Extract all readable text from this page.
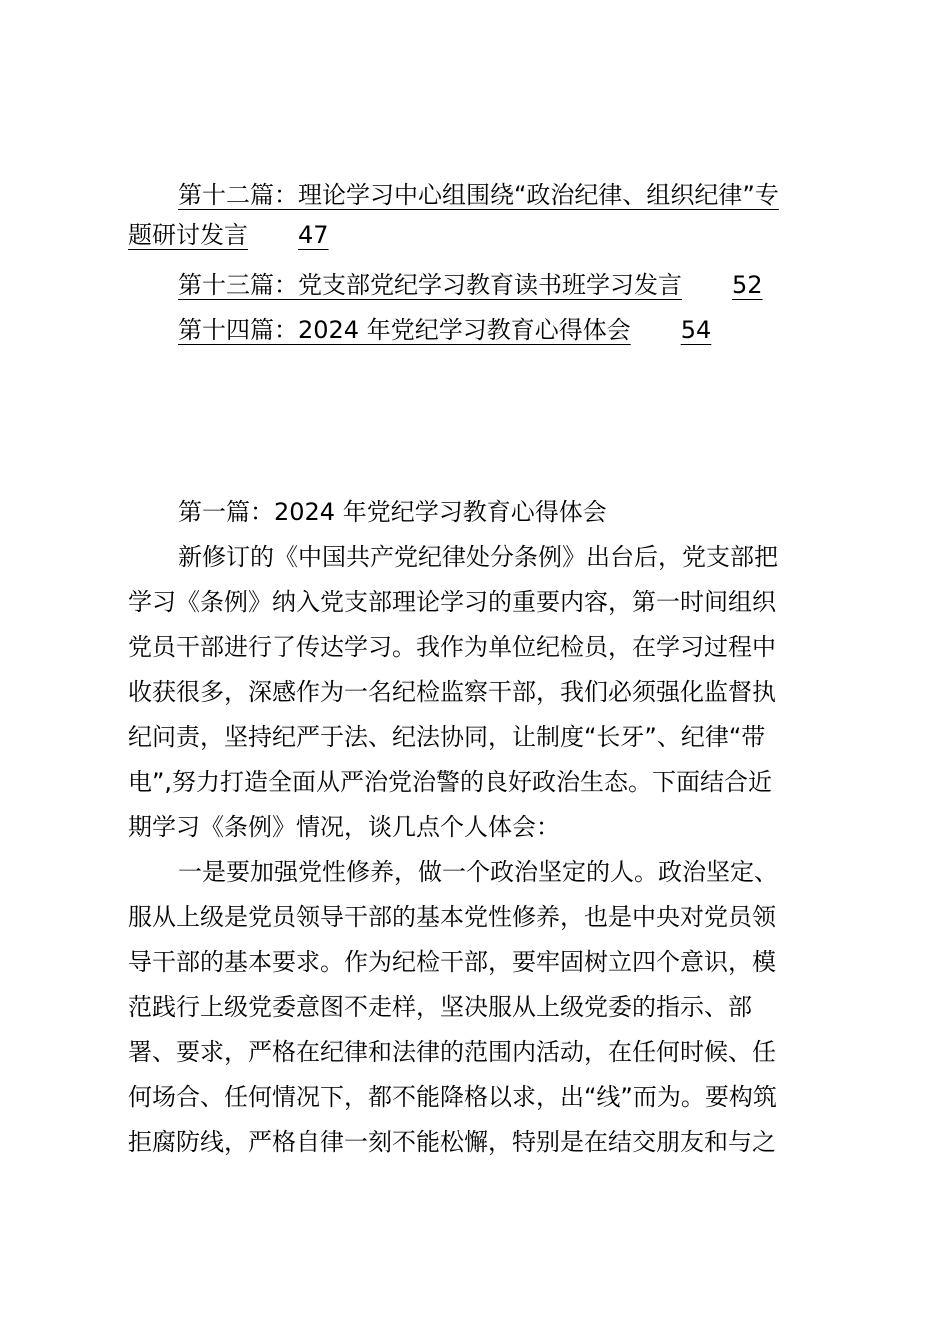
第十二篇：理论学习中心组围绕“政治纪律、组织纪律”专
题研讨发言 47
第十三篇：党支部党纪学习教育读书班学习发言 52
第十四篇：2024 年党纪学习教育心得体会 54
第一篇：2024 年党纪学习教育心得体会
新修订的《中国共产党纪律处分条例》出台后，党支部把
学习《条例》纳入党支部理论学习的重要内容，第一时间组织
党员干部进行了传达学习。我作为单位纪检员，在学习过程中
收获很多，深感作为一名纪检监察干部，我们必须强化监督执
纪问责，坚持纪严于法、纪法协同，让制度“长牙”、纪律“带
电”,努力打造全面从严治党治警的良好政治生态。下面结合近
期学习《条例》情况，谈几点个人体会：
一是要加强党性修养，做一个政治坚定的人。政治坚定、
服从上级是党员领导干部的基本党性修养，也是中央对党员领
导干部的基本要求。作为纪检干部，要牢固树立四个意识，模
范践行上级党委意图不走样，坚决服从上级党委的指示、部
署、要求，严格在纪律和法律的范围内活动，在任何时候、任
何场合、任何情况下，都不能降格以求，出“线”而为。要构筑
拒腐防线，严格自律一刻不能松懈，特别是在结交朋友和与之
